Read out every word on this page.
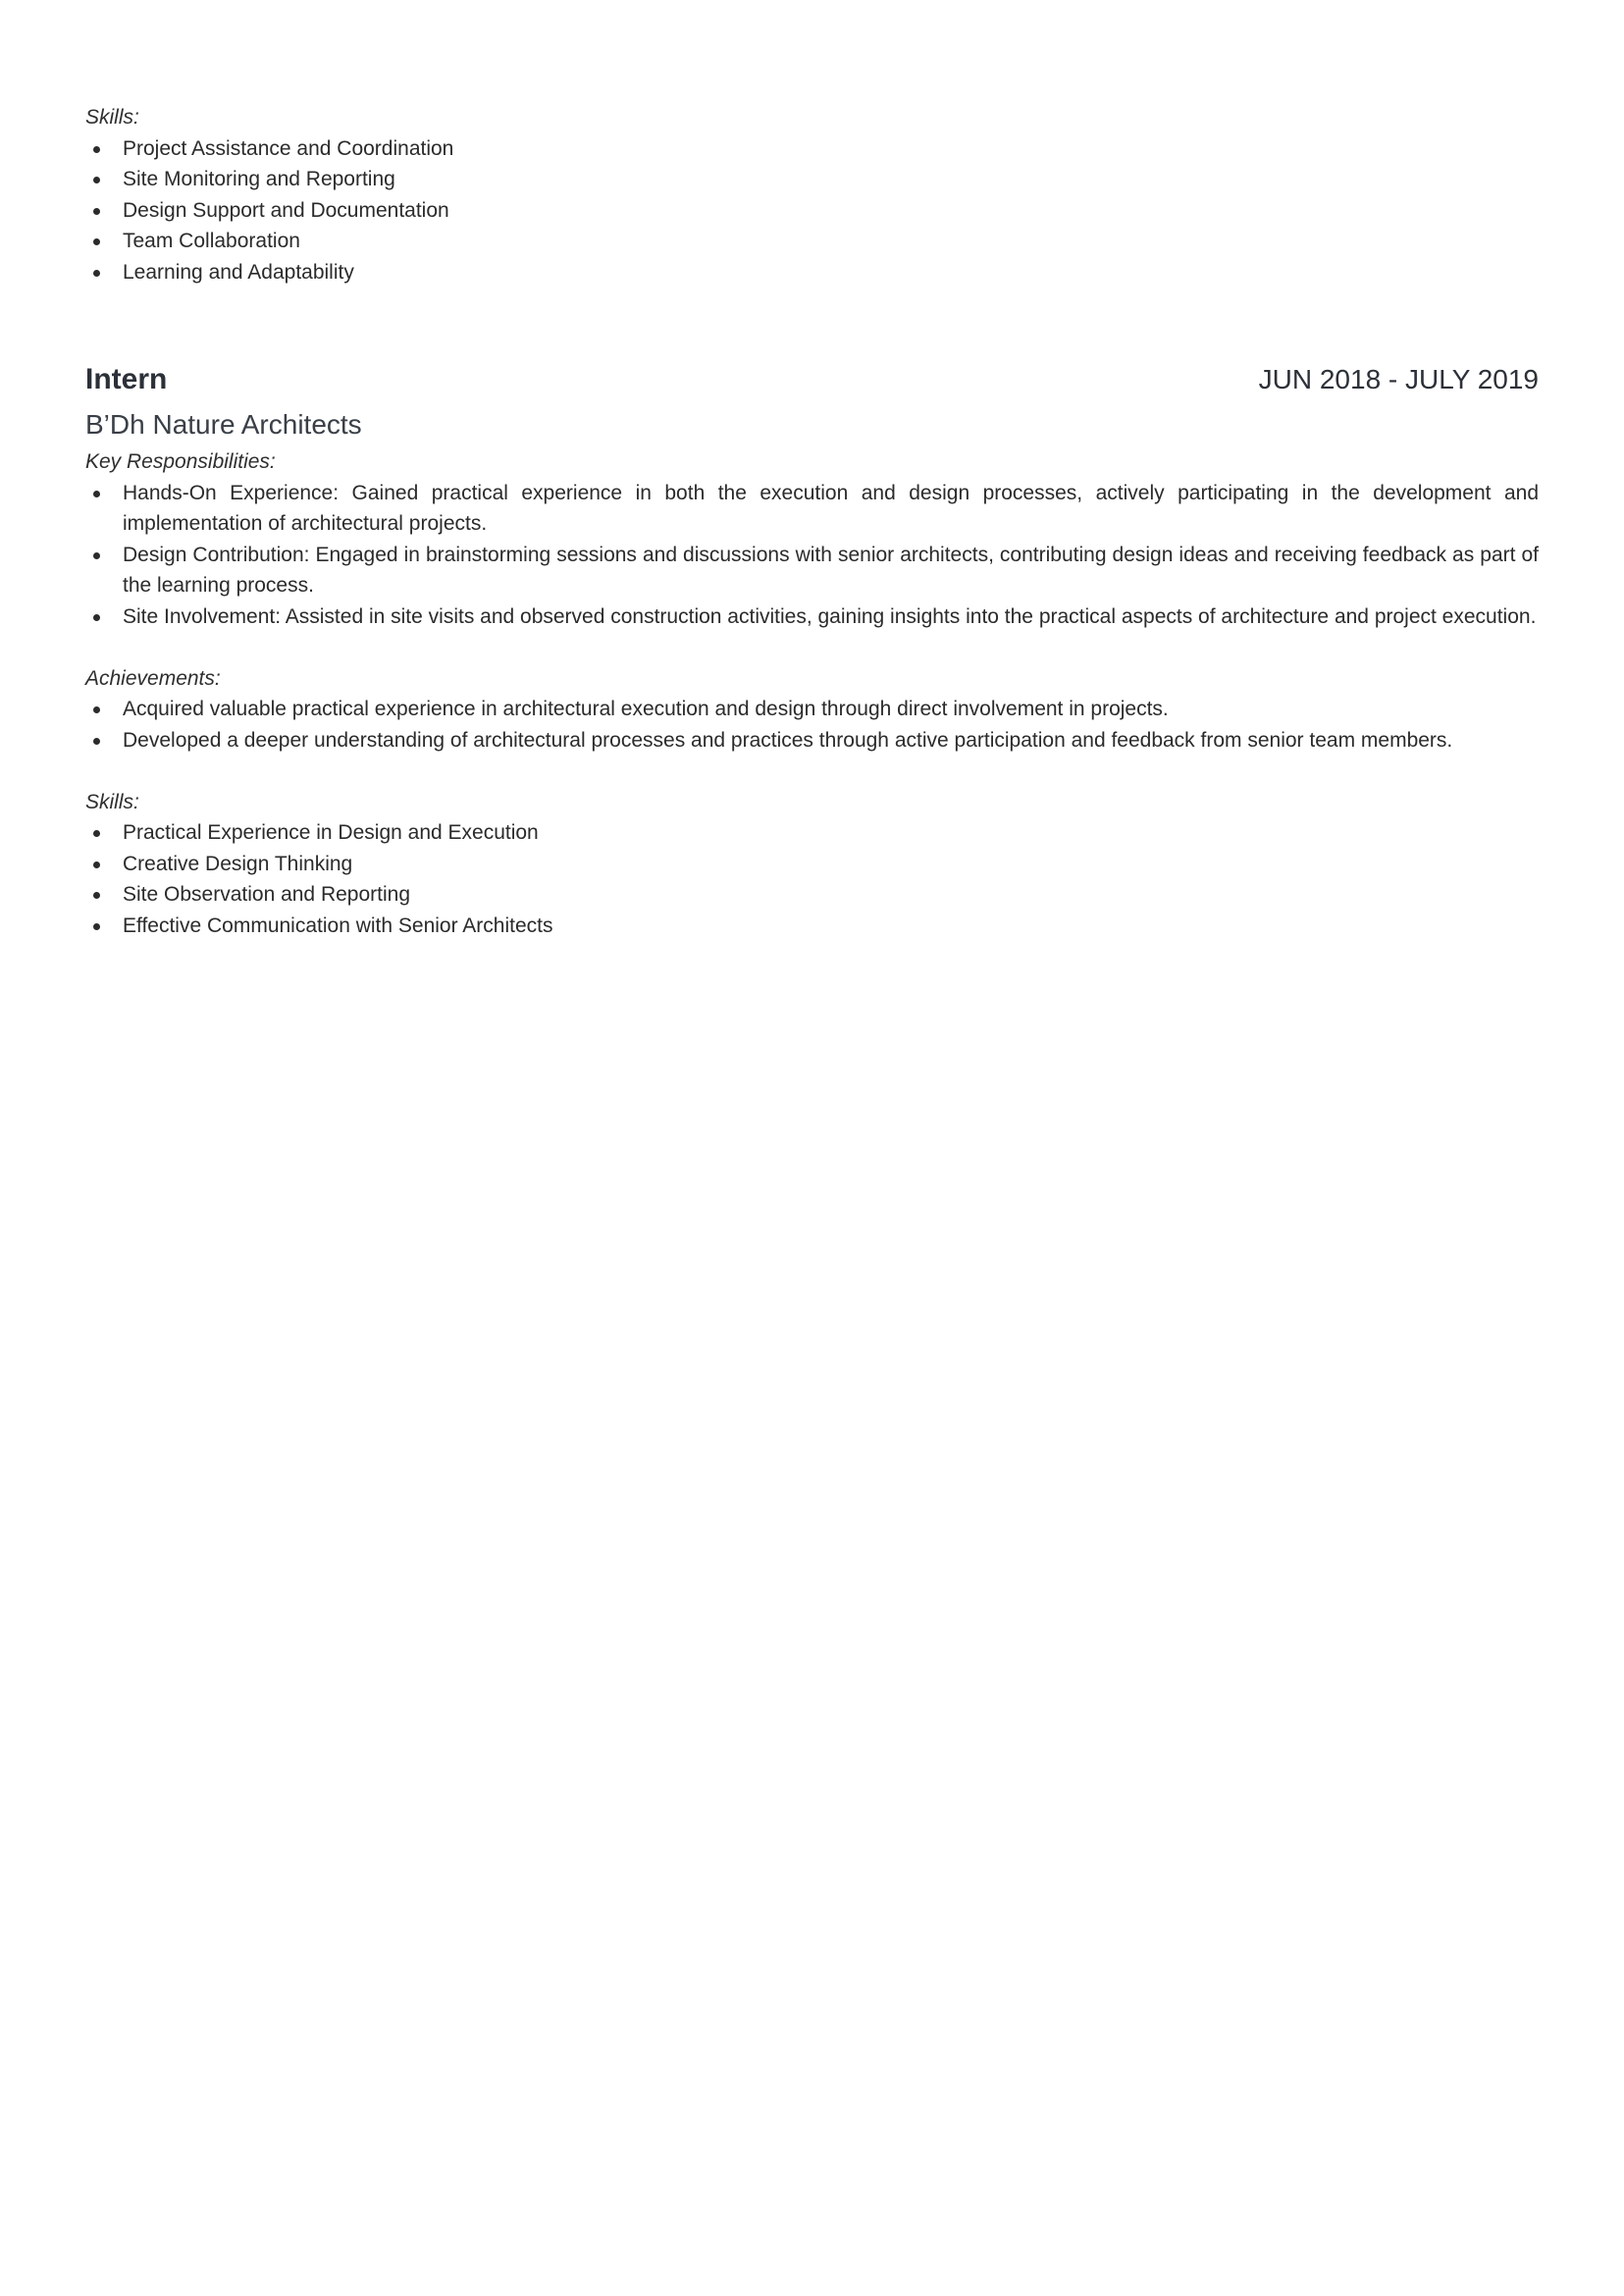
Skills:
Project Assistance and Coordination
Site Monitoring and Reporting
Design Support and Documentation
Team Collaboration
Learning and Adaptability
Intern	JUN 2018 - JULY 2019
B’Dh Nature Architects
Key Responsibilities:
Hands-On Experience: Gained practical experience in both the execution and design processes, actively participating in the development and implementation of architectural projects.
Design Contribution: Engaged in brainstorming sessions and discussions with senior architects, contributing design ideas and receiving feedback as part of the learning process.
Site Involvement: Assisted in site visits and observed construction activities, gaining insights into the practical aspects of architecture and project execution.
Achievements:
Acquired valuable practical experience in architectural execution and design through direct involvement in projects.
Developed a deeper understanding of architectural processes and practices through active participation and feedback from senior team members.
Skills:
Practical Experience in Design and Execution
Creative Design Thinking
Site Observation and Reporting
Effective Communication with Senior Architects
